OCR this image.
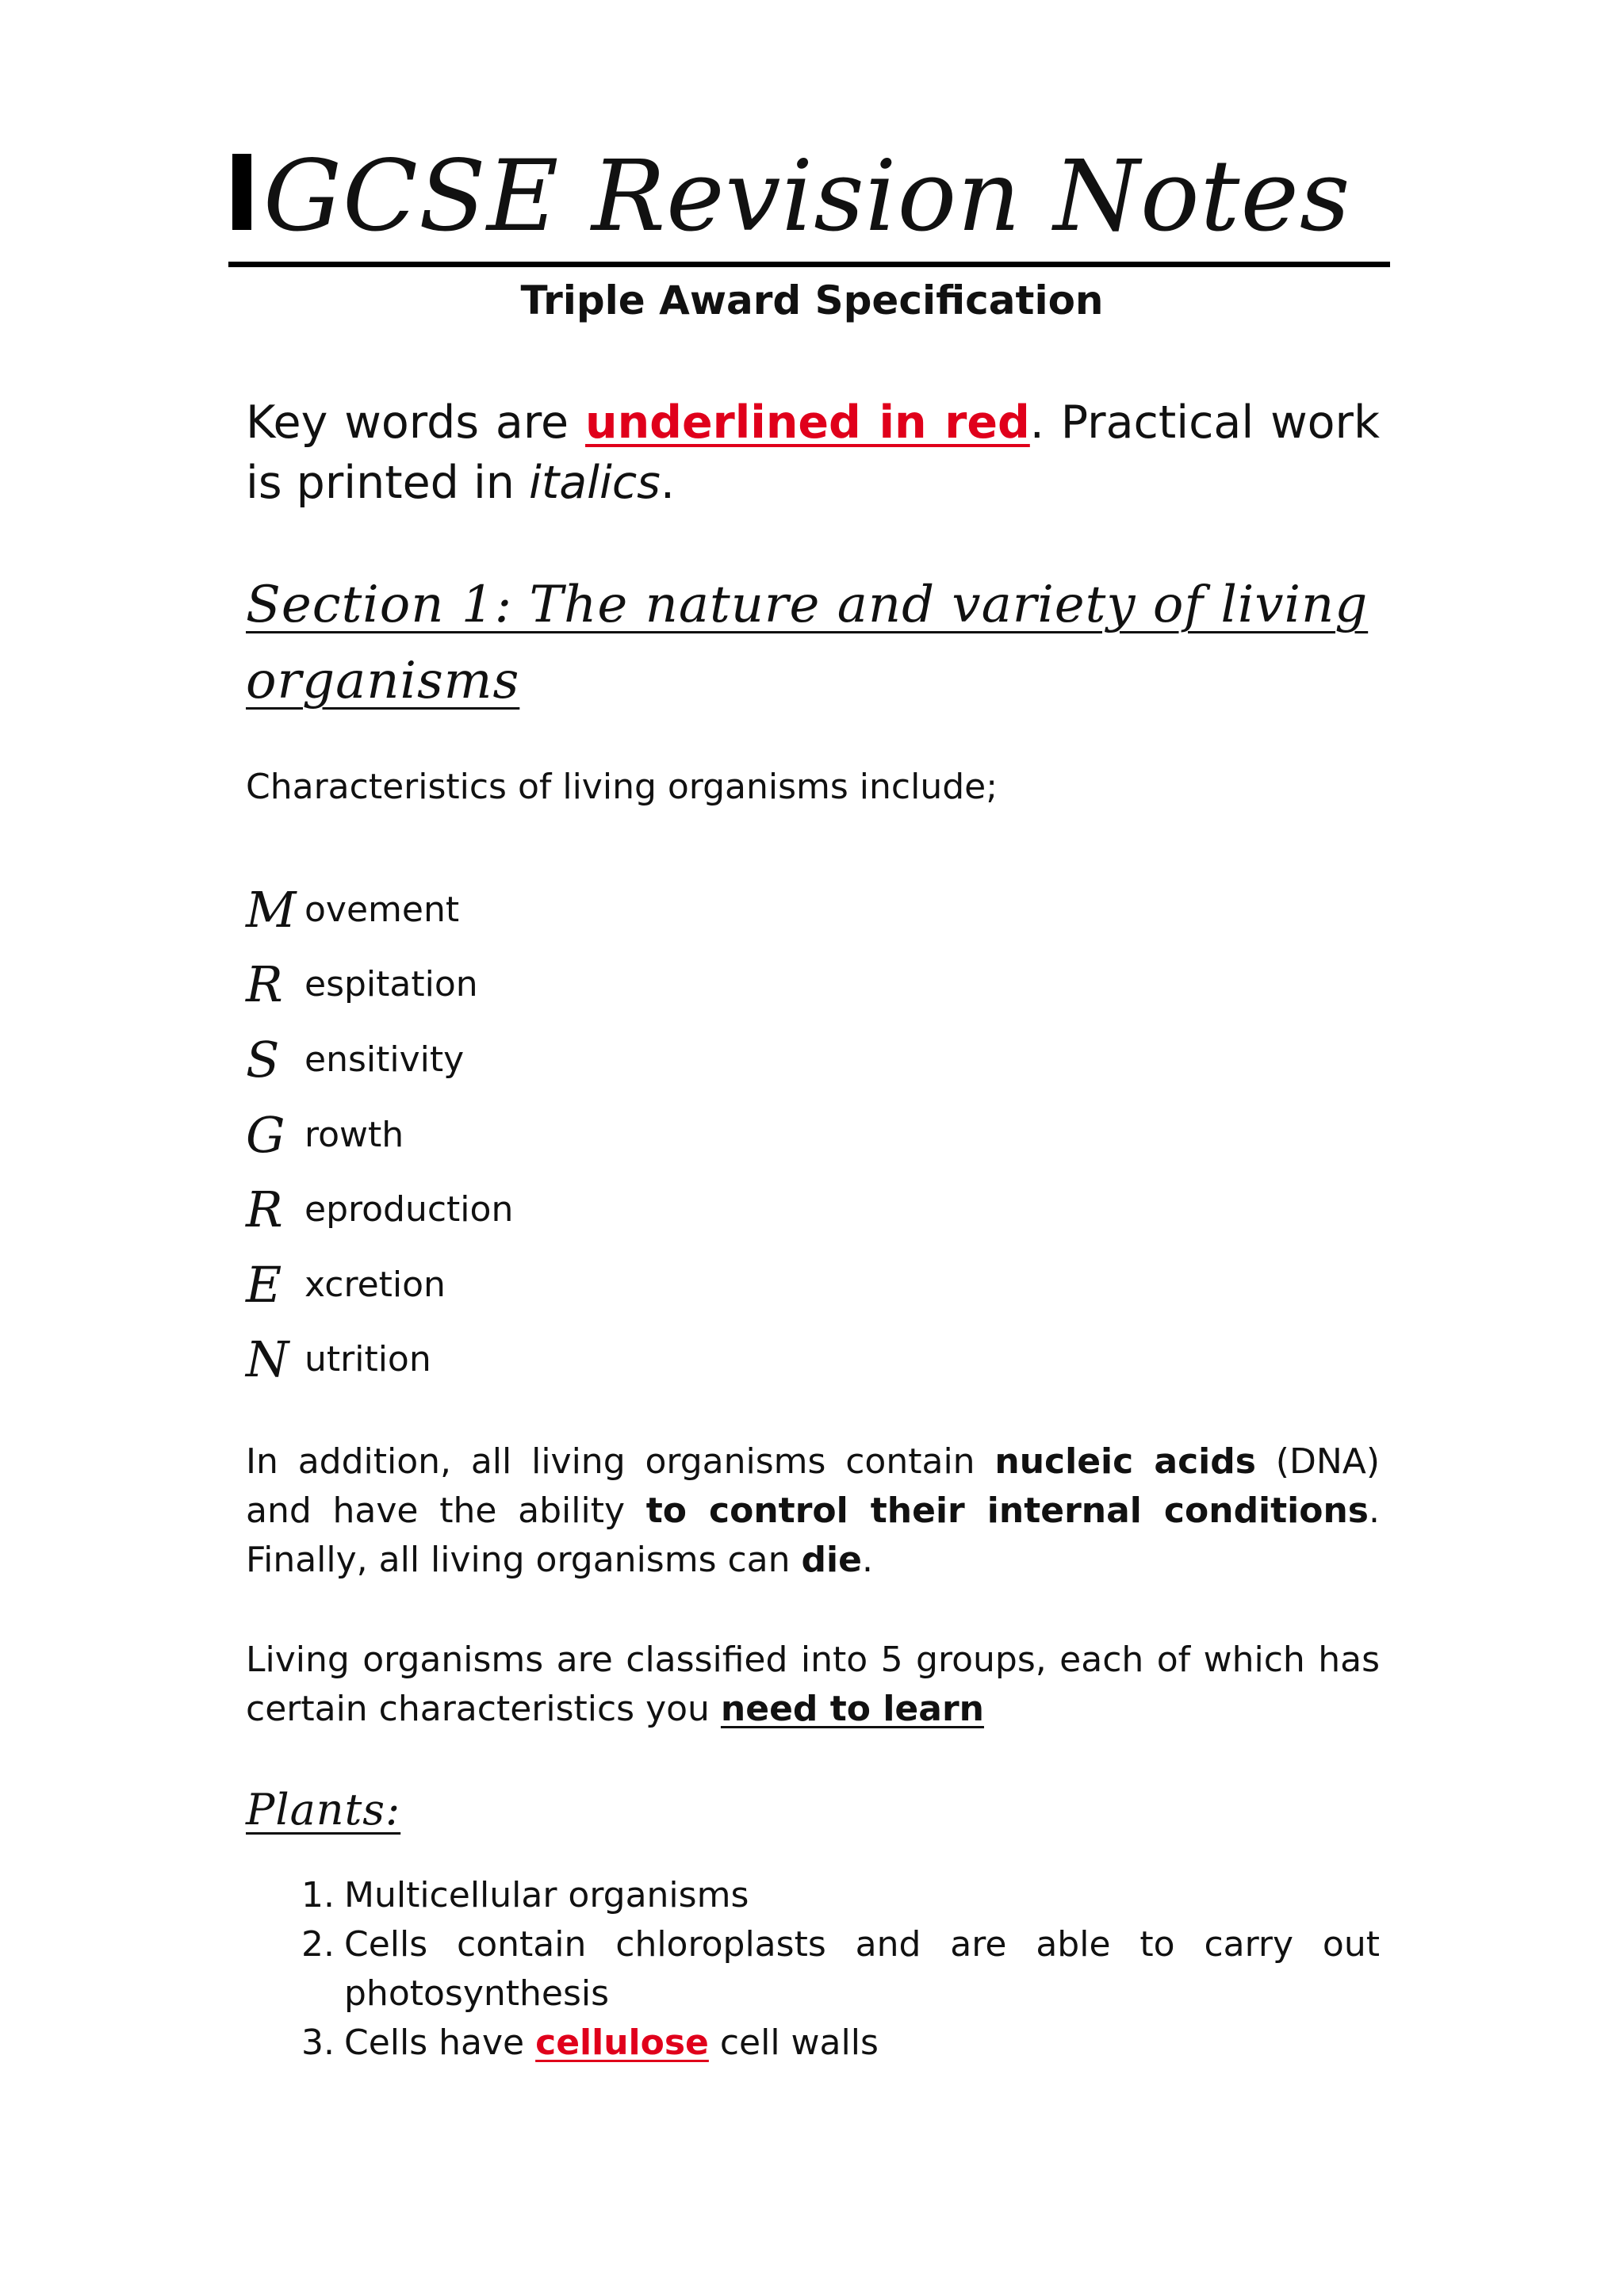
GCSE Revision Notes
Triple Award Specification
Key words are underlined in red. Practical work is printed in italics.
Section 1: The nature and variety of living organisms
Characteristics of living organisms include;
M ovement
R espitation
S ensitivity
G rowth
R eproduction
E xcretion
N utrition
In addition, all living organisms contain nucleic acids (DNA) and have the ability to control their internal conditions. Finally, all living organisms can die.
Living organisms are classified into 5 groups, each of which has certain characteristics you need to learn
Plants:
1. Multicellular organisms
2. Cells contain chloroplasts and are able to carry out photosynthesis
3. Cells have cellulose cell walls
